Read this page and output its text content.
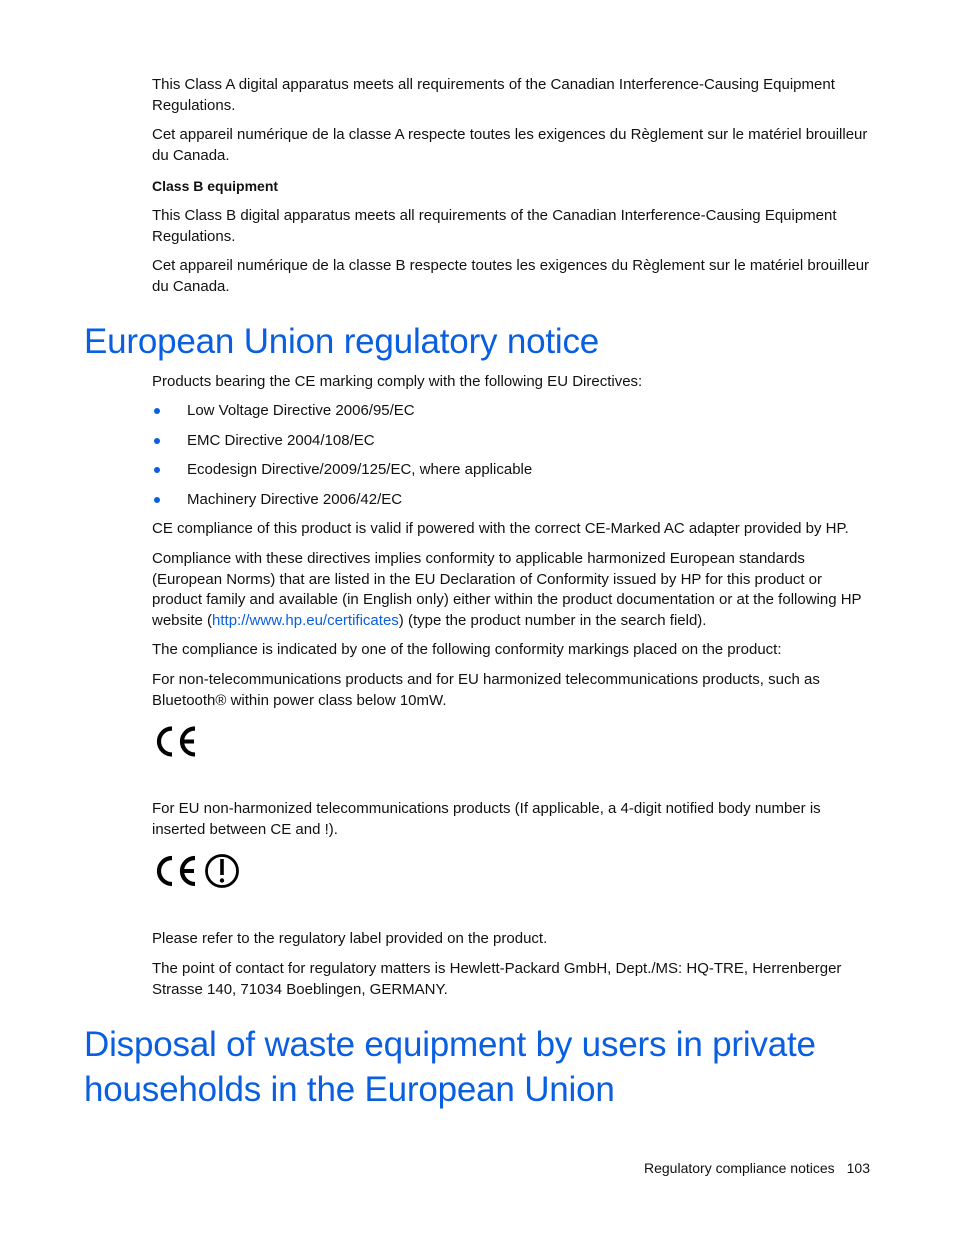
This Class A digital apparatus meets all requirements of the Canadian Interference-Causing Equipment Regulations.

Cet appareil numérique de la classe A respecte toutes les exigences du Règlement sur le matériel brouilleur du Canada.

Class B equipment

This Class B digital apparatus meets all requirements of the Canadian Interference-Causing Equipment Regulations.

Cet appareil numérique de la classe B respecte toutes les exigences du Règlement sur le matériel brouilleur du Canada.

European Union regulatory notice

Products bearing the CE marking comply with the following EU Directives:

Low Voltage Directive 2006/95/EC
EMC Directive 2004/108/EC
Ecodesign Directive/2009/125/EC, where applicable
Machinery Directive 2006/42/EC

CE compliance of this product is valid if powered with the correct CE-Marked AC adapter provided by HP.

Compliance with these directives implies conformity to applicable harmonized European standards (European Norms) that are listed in the EU Declaration of Conformity issued by HP for this product or product family and available (in English only) either within the product documentation or at the following HP website (http://www.hp.eu/certificates) (type the product number in the search field).

The compliance is indicated by one of the following conformity markings placed on the product:

For non-telecommunications products and for EU harmonized telecommunications products, such as Bluetooth® within power class below 10mW.

For EU non-harmonized telecommunications products (If applicable, a 4-digit notified body number is inserted between CE and !).

Please refer to the regulatory label provided on the product.

The point of contact for regulatory matters is Hewlett-Packard GmbH, Dept./MS: HQ-TRE, Herrenberger Strasse 140, 71034 Boeblingen, GERMANY.

Disposal of waste equipment by users in private households in the European Union
Regulatory compliance notices 103
